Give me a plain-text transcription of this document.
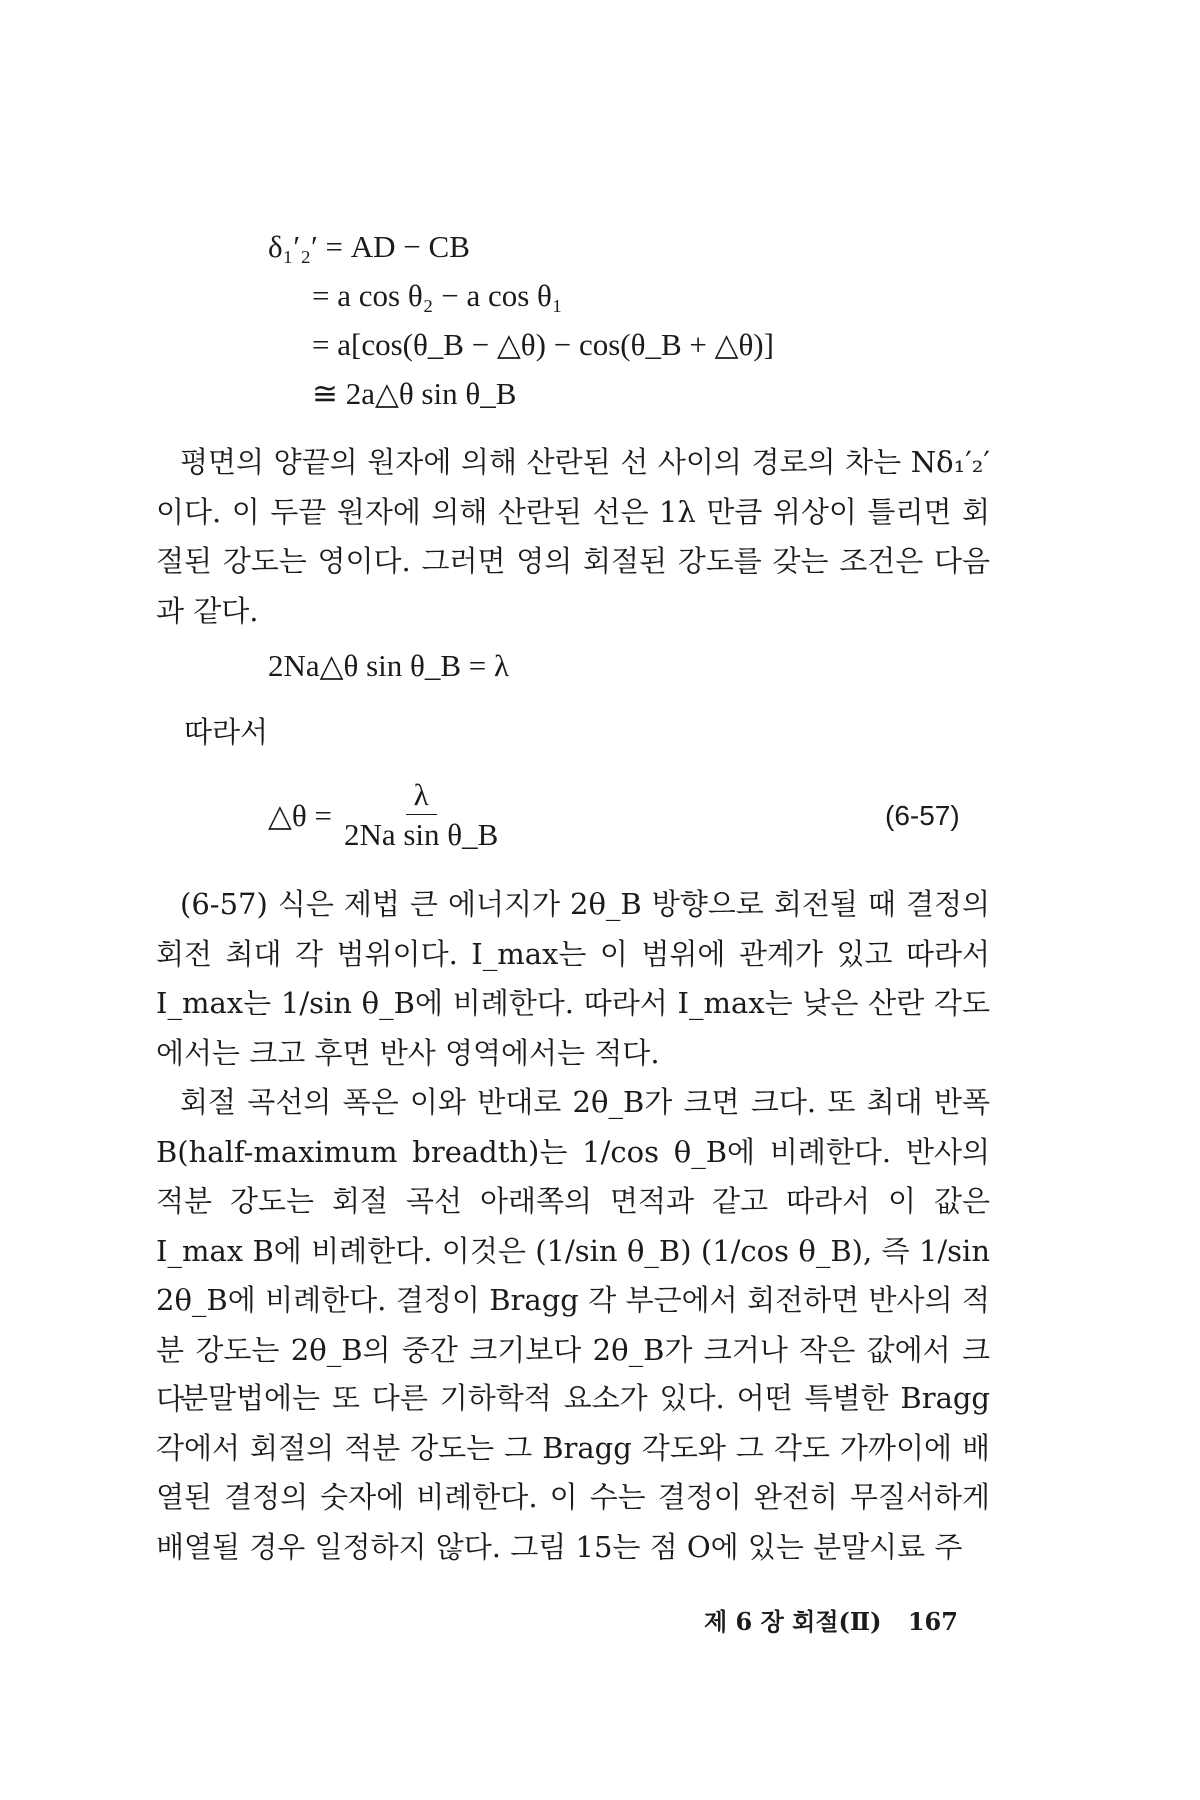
δ₁′₂′ = AD − CB
= a cos θ₂ − a cos θ₁
= a[cos(θ_B − △θ) − cos(θ_B + △θ)]
≅ 2a△θ sin θ_B
평면의 양끝의 원자에 의해 산란된 선 사이의 경로의 차는 Nδ₁′₂′이다. 이 두끝 원자에 의해 산란된 선은 1λ 만큼 위상이 틀리면 회절된 강도는 영이다. 그러면 영의 회절된 강도를 갖는 조건은 다음과 같다.
2Na△θ sin θ_B = λ
따라서
△θ = $\frac{\lambda}{\text{2Na sin θ\_B}}$	(6-57)
(6-57) 식은 제법 큰 에너지가 2θ_B 방향으로 회전될 때 결정의 회전 최대 각 범위이다. I_max는 이 범위에 관계가 있고 따라서 I_max는 1/sin θ_B에 비례한다. 따라서 I_max는 낮은 산란 각도에서는 크고 후면 반사 영역에서는 적다.
회절 곡선의 폭은 이와 반대로 2θ_B가 크면 크다. 또 최대 반폭 B(half-maximum breadth)는 1/cos θ_B에 비례한다. 반사의 적분 강도는 회절 곡선 아래쪽의 면적과 같고 따라서 이 값은 I_max B에 비례한다. 이것은 (1/sin θ_B) (1/cos θ_B), 즉 1/sin 2θ_B에 비례한다. 결정이 Bragg 각 부근에서 회전하면 반사의 적분 강도는 2θ_B의 중간 크기보다 2θ_B가 크거나 작은 값에서 크다
분말법에는 또 다른 기하학적 요소가 있다. 어떤 특별한 Bragg 각에서 회절의 적분 강도는 그 Bragg 각도와 그 각도 가까이에 배열된 결정의 숫자에 비례한다. 이 수는 결정이 완전히 무질서하게 배열될 경우 일정하지 않다. 그림 15는 점 O에 있는 분말시료 주
제 6 장 회절(Ⅱ) 167
